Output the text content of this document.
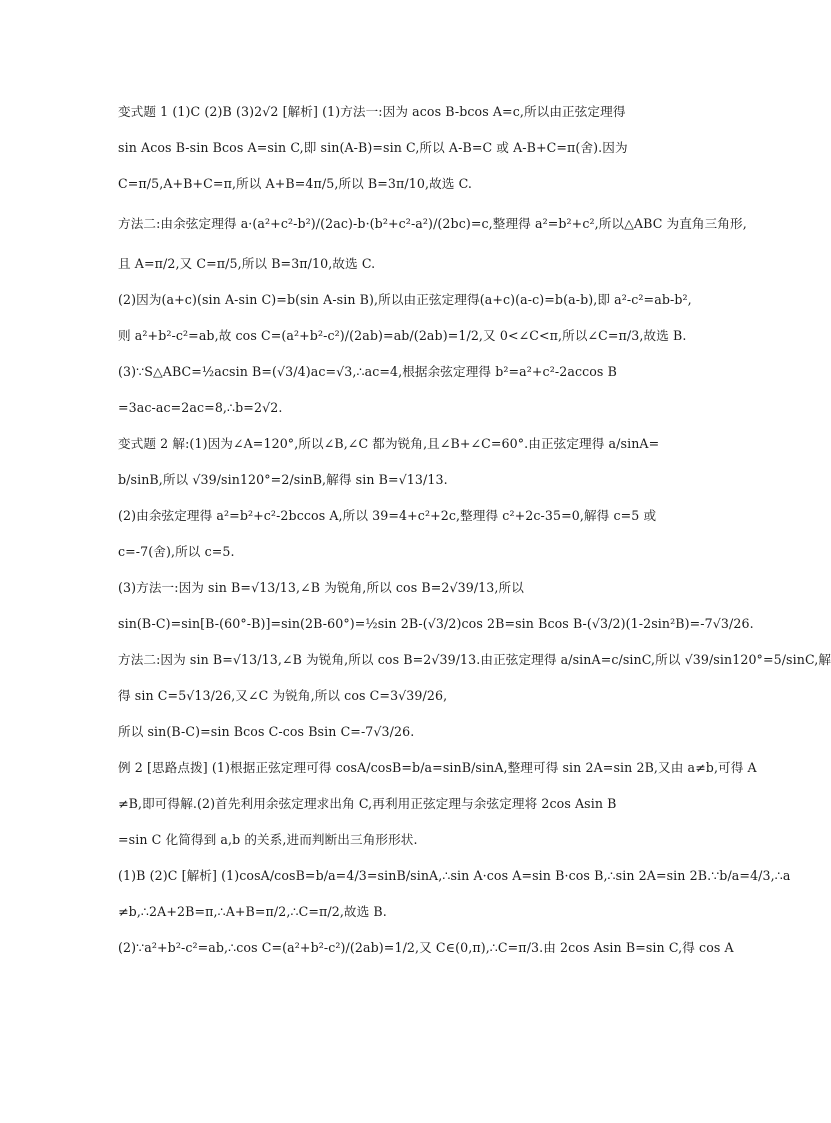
变式题 1 (1)C (2)B (3)2√2 [解析] (1)方法一:因为 acos B-bcos A=c,所以由正弦定理得
sin Acos B-sin Bcos A=sin C,即 sin(A-B)=sin C,所以 A-B=C 或 A-B+C=π(舍).因为
C=π/5,A+B+C=π,所以 A+B=4π/5,所以 B=3π/10,故选 C.
方法二:由余弦定理得 a·(a²+c²-b²)/(2ac)-b·(b²+c²-a²)/(2bc)=c,整理得 a²=b²+c²,所以△ABC 为直角三角形,
且 A=π/2,又 C=π/5,所以 B=3π/10,故选 C.
(2)因为(a+c)(sin A-sin C)=b(sin A-sin B),所以由正弦定理得(a+c)(a-c)=b(a-b),即 a²-c²=ab-b²,
则 a²+b²-c²=ab,故 cos C=(a²+b²-c²)/(2ab)=ab/(2ab)=1/2,又 0<∠C<π,所以∠C=π/3,故选 B.
(3)∵S△ABC=½acsin B=(√3/4)ac=√3,∴ac=4,根据余弦定理得 b²=a²+c²-2accos B
=3ac-ac=2ac=8,∴b=2√2.
变式题 2 解:(1)因为∠A=120°,所以∠B,∠C 都为锐角,且∠B+∠C=60°.由正弦定理得 a/sinA=
b/sinB,所以 √39/sin120°=2/sinB,解得 sin B=√13/13.
(2)由余弦定理得 a²=b²+c²-2bccos A,所以 39=4+c²+2c,整理得 c²+2c-35=0,解得 c=5 或
c=-7(舍),所以 c=5.
(3)方法一:因为 sin B=√13/13,∠B 为锐角,所以 cos B=2√39/13,所以
sin(B-C)=sin[B-(60°-B)]=sin(2B-60°)=½sin 2B-(√3/2)cos 2B=sin Bcos B-(√3/2)(1-2sin²B)=-7√3/26.
方法二:因为 sin B=√13/13,∠B 为锐角,所以 cos B=2√39/13.由正弦定理得 a/sinA=c/sinC,所以 √39/sin120°=5/sinC,解
得 sin C=5√13/26,又∠C 为锐角,所以 cos C=3√39/26,
所以 sin(B-C)=sin Bcos C-cos Bsin C=-7√3/26.
例 2 [思路点拨] (1)根据正弦定理可得 cosA/cosB=b/a=sinB/sinA,整理可得 sin 2A=sin 2B,又由 a≠b,可得 A
≠B,即可得解.(2)首先利用余弦定理求出角 C,再利用正弦定理与余弦定理将 2cos Asin B
=sin C 化简得到 a,b 的关系,进而判断出三角形形状.
(1)B (2)C [解析] (1)cosA/cosB=b/a=4/3=sinB/sinA,∴sin A·cos A=sin B·cos B,∴sin 2A=sin 2B.∵b/a=4/3,∴a
≠b,∴2A+2B=π,∴A+B=π/2,∴C=π/2,故选 B.
(2)∵a²+b²-c²=ab,∴cos C=(a²+b²-c²)/(2ab)=1/2,又 C∈(0,π),∴C=π/3.由 2cos Asin B=sin C,得 cos A
